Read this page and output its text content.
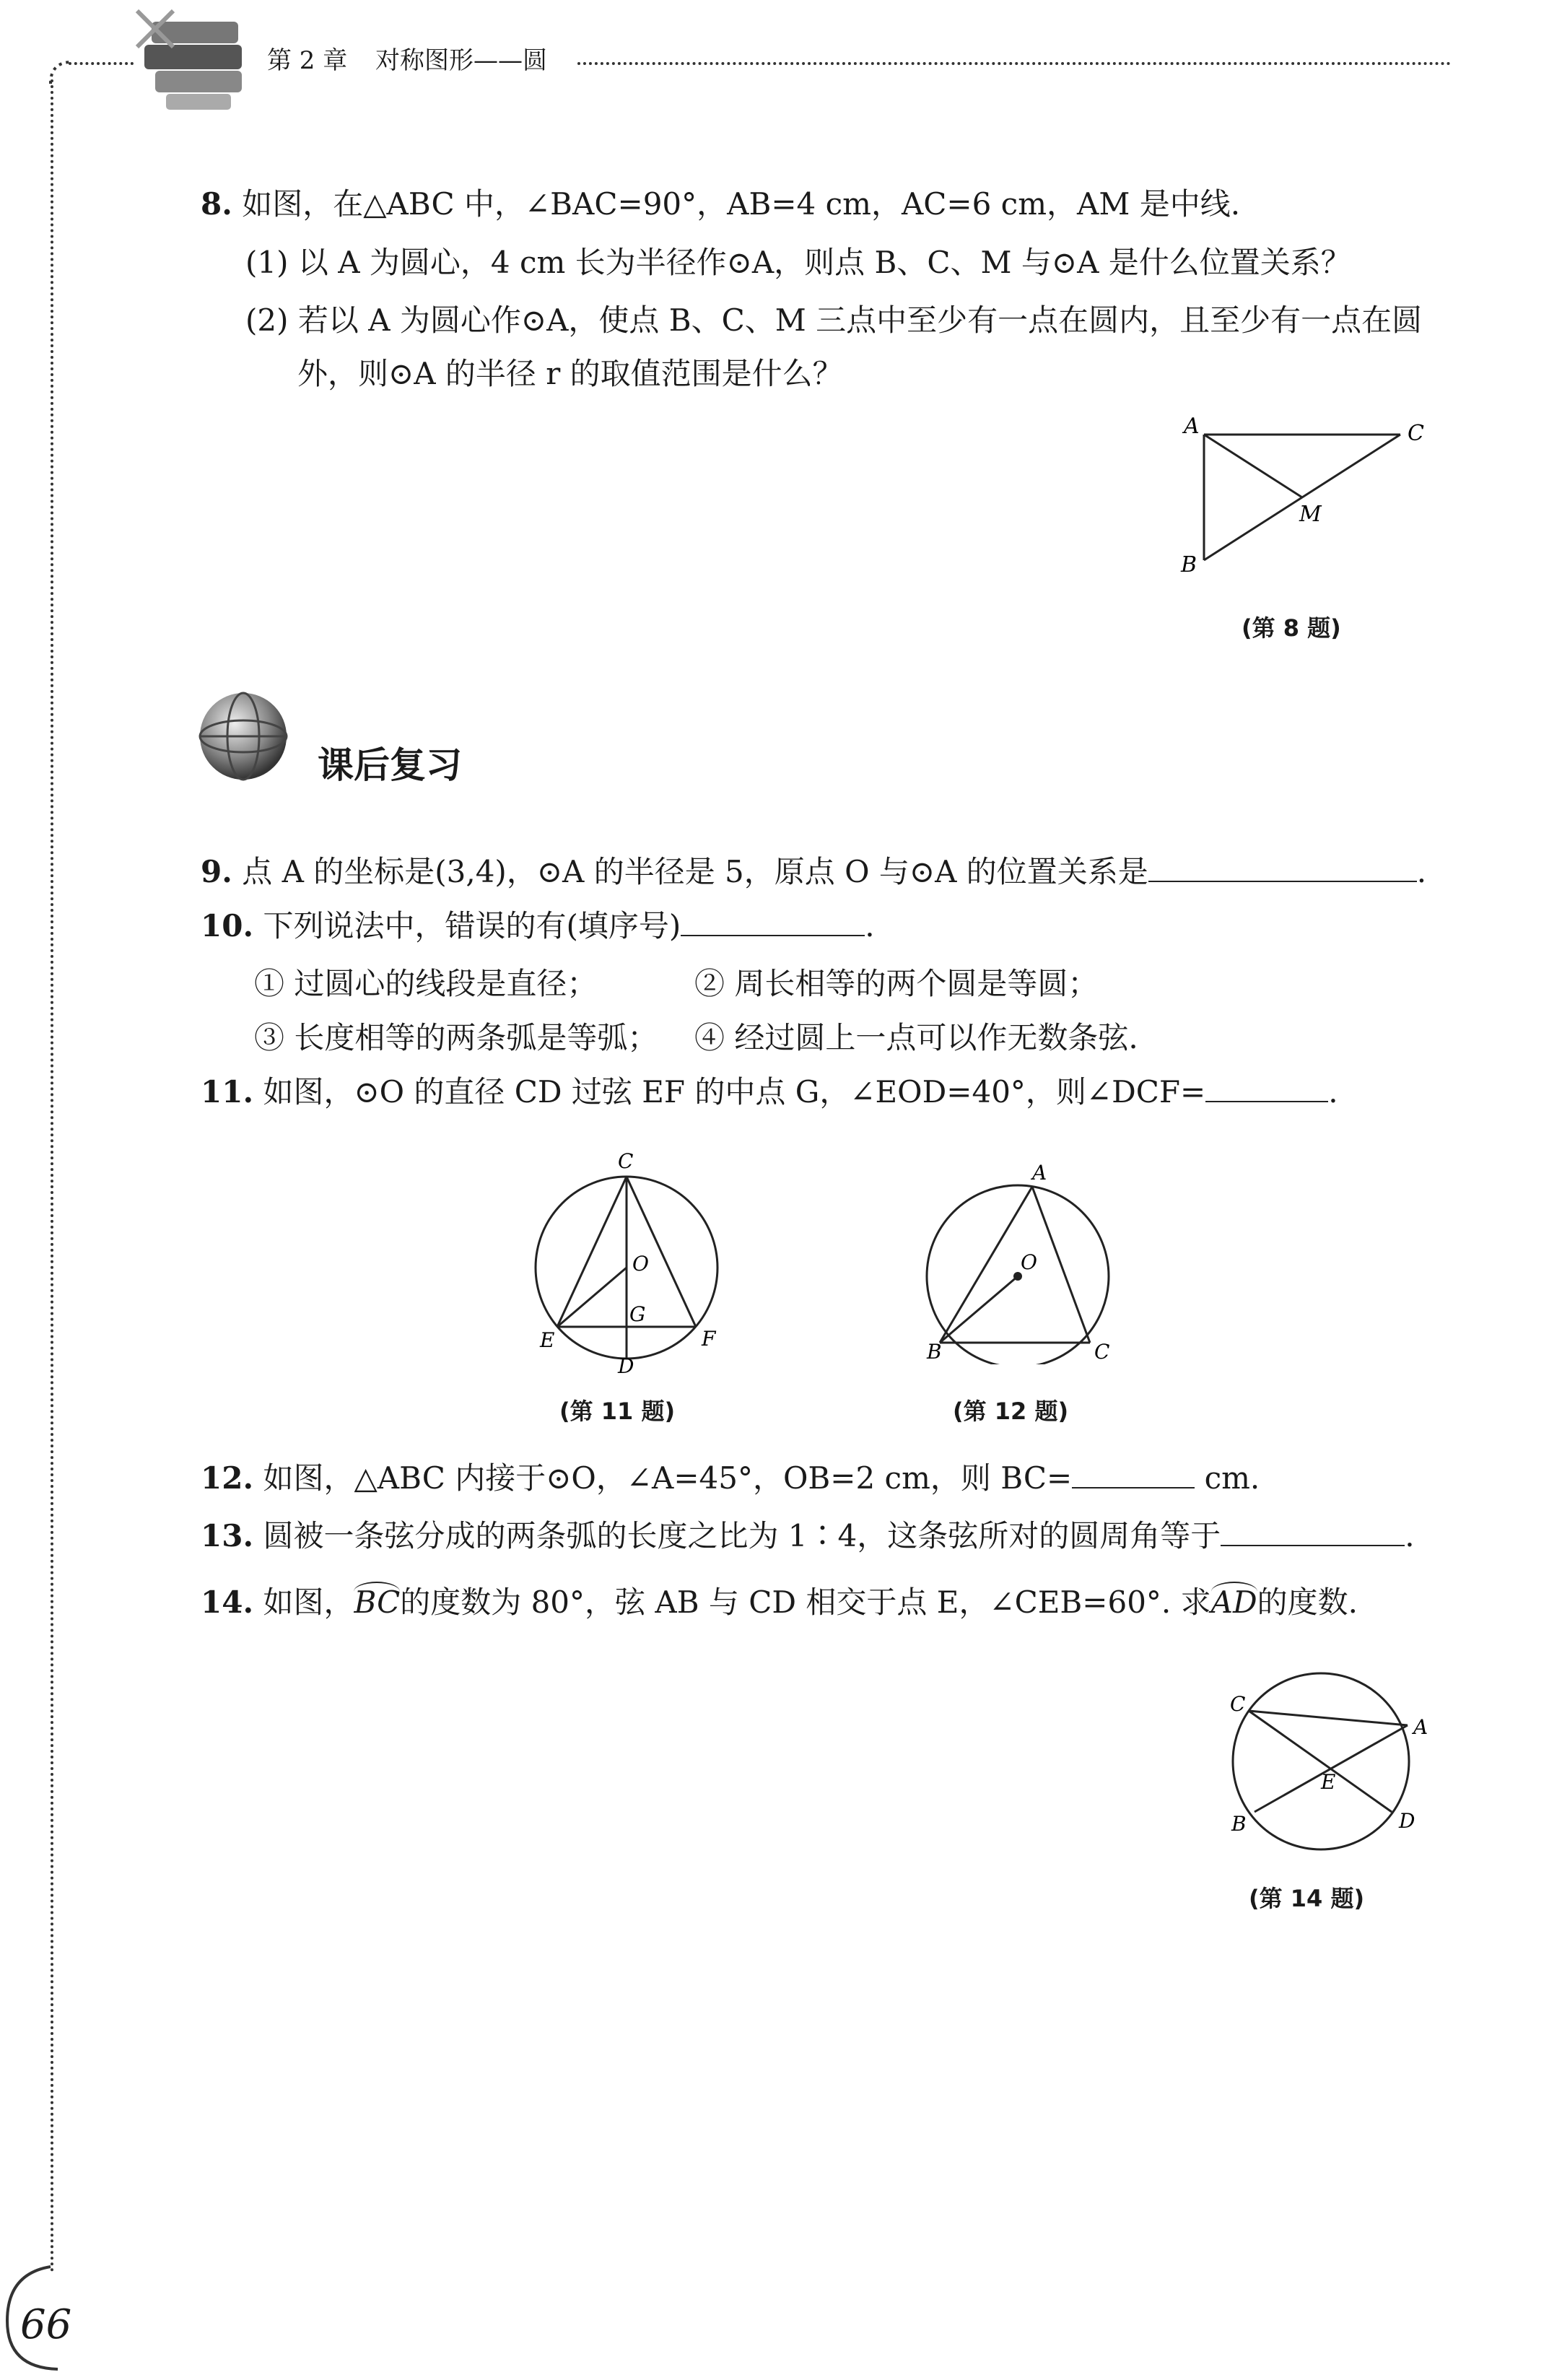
第 2 章 对称图形——圆
8. 如图，在△ABC 中，∠BAC=90°，AB=4 cm，AC=6 cm，AM 是中线.
(1) 以 A 为圆心，4 cm 长为半径作⊙A，则点 B、C、M 与⊙A 是什么位置关系？
(2) 若以 A 为圆心作⊙A，使点 B、C、M 三点中至少有一点在圆内，且至少有一点在圆
外，则⊙A 的半径 r 的取值范围是什么？
A	C
M
B
(第 8 题)
课后复习
9. 点 A 的坐标是(3,4)，⊙A 的半径是 5，原点 O 与⊙A 的位置关系是	.
10. 下列说法中，错误的有(填序号)	.
① 过圆心的线段是直径；	② 周长相等的两个圆是等圆；
③ 长度相等的两条弧是等弧； ④ 经过圆上一点可以作无数条弦.
11. 如图，⊙O 的直径 CD 过弦 EF 的中点 G，∠EOD=40°，则∠DCF=	.
C
O
G
E	F
D
(第 11 题)
A
O
B	C
(第 12 题)
12. 如图，△ABC 内接于⊙O，∠A=45°，OB=2 cm，则 BC=	cm.
13. 圆被一条弦分成的两条弧的长度之比为 1∶4，这条弦所对的圆周角等于	.
14. 如图，BC的度数为 80°，弦 AB 与 CD 相交于点 E，∠CEB=60°. 求AD的度数.
C
A
E
B	D
(第 14 题)
66
